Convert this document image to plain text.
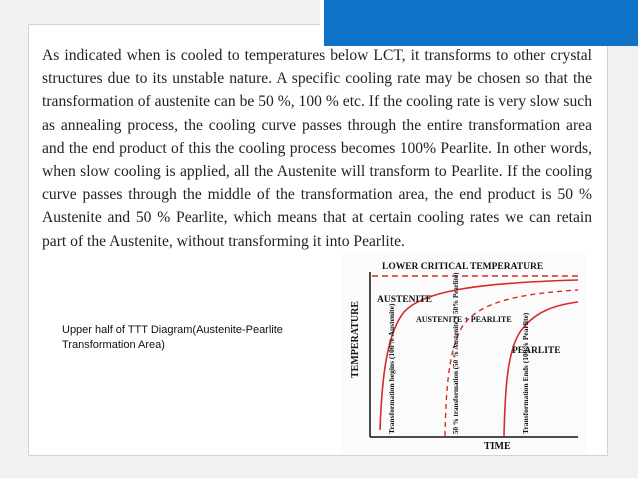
As indicated when is cooled to temperatures below LCT, it transforms to other crystal structures due to its unstable nature. A specific cooling rate may be chosen so that the transformation of austenite can be 50 %, 100 % etc. If the cooling rate is very slow such as annealing process, the cooling curve passes through the entire transformation area and the end product of this the cooling process becomes 100% Pearlite. In other words, when slow cooling is applied, all the Austenite will transform to Pearlite. If the cooling curve passes through the middle of the transformation area, the end product is 50 % Austenite and 50 % Pearlite, which means that at certain cooling rates we can retain part of the Austenite, without transforming it into Pearlite.

Upper half of TTT Diagram(Austenite-Pearlite Transformation Area)

LOWER CRITICAL TEMPERATURE
AUSTENITE
AUSTENITE + PEARLITE
PEARLITE
TEMPERATURE
TIME
Transformation begins (100% Austenite)	50 % transformation (50 % Austenite + 50% Pearlite)	Transformation Ends (100% Pearlite)
